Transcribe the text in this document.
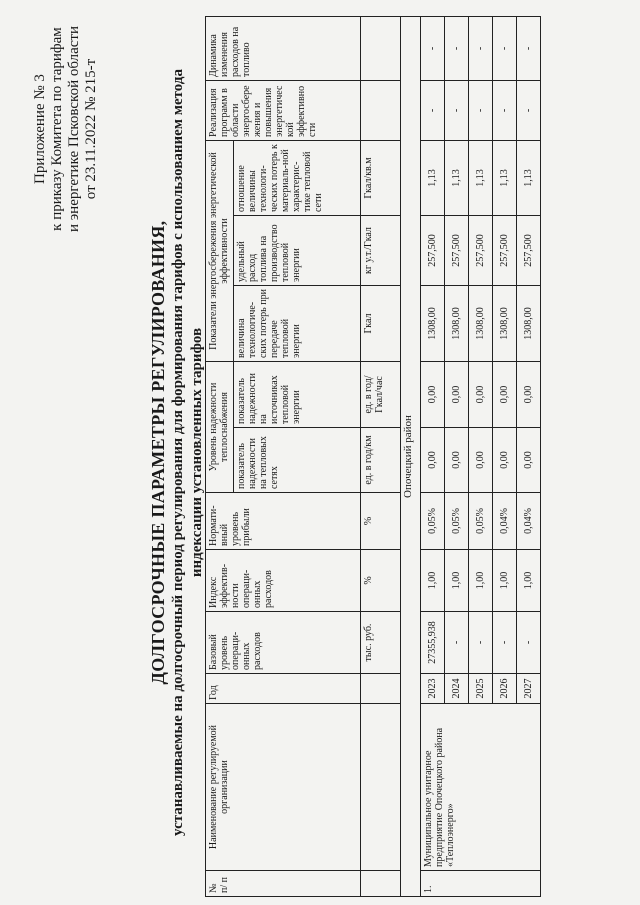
Приложение № 3 к приказу Комитета по тарифам и энергетике Псковской области от 23.11.2022 № 215-т
ДОЛГОСРОЧНЫЕ ПАРАМЕТРЫ РЕГУЛИРОВАНИЯ, устанавливаемые на долгосрочный период регулирования для формирования тарифов с использованием метода индексации установленных тарифов
№ п/ п	Наименование регулируемой организации	Год	Базовый уровень операци-онных расходов	Индекс эффектив-ности операци-онных расходов	Нормати-вный уровень прибыли	Уровень надежности теплоснабжения		Показатели энергосбережения энергетической эффективности			Реализация программ в области энергосбережения и повышения энергетической эффективности	Динамика изменения расходов на топливо
						показатель надежности на тепловых сетях	показатель надежности на источниках тепловой энергии	величина технологиче-ских потерь при передаче тепловой энергии	удельный расход топлива на производство тепловой энергии	отношение величины технологи-ческих потерь к материаль-ной характерис-тике тепловой сети		
			тыс. руб.	%	%	ед. в год/км	ед. в год/Гкал/час	Гкал	кг у.т./Гкал	Гкал/кв.м		
Опочецкий район												
1.	Муниципальное унитарное предприятие Опочецкого района «Теплоэнерго»	2023	27355,938	1,00	0,05%	0,00	0,00	1308,00	257,500	1,13	-	-
		2024	-	1,00	0,05%	0,00	0,00	1308,00	257,500	1,13	-	-
		2025	-	1,00	0,05%	0,00	0,00	1308,00	257,500	1,13	-	-
		2026	-	1,00	0,04%	0,00	0,00	1308,00	257,500	1,13	-	-
		2027	-	1,00	0,04%	0,00	0,00	1308,00	257,500	1,13	-	-
